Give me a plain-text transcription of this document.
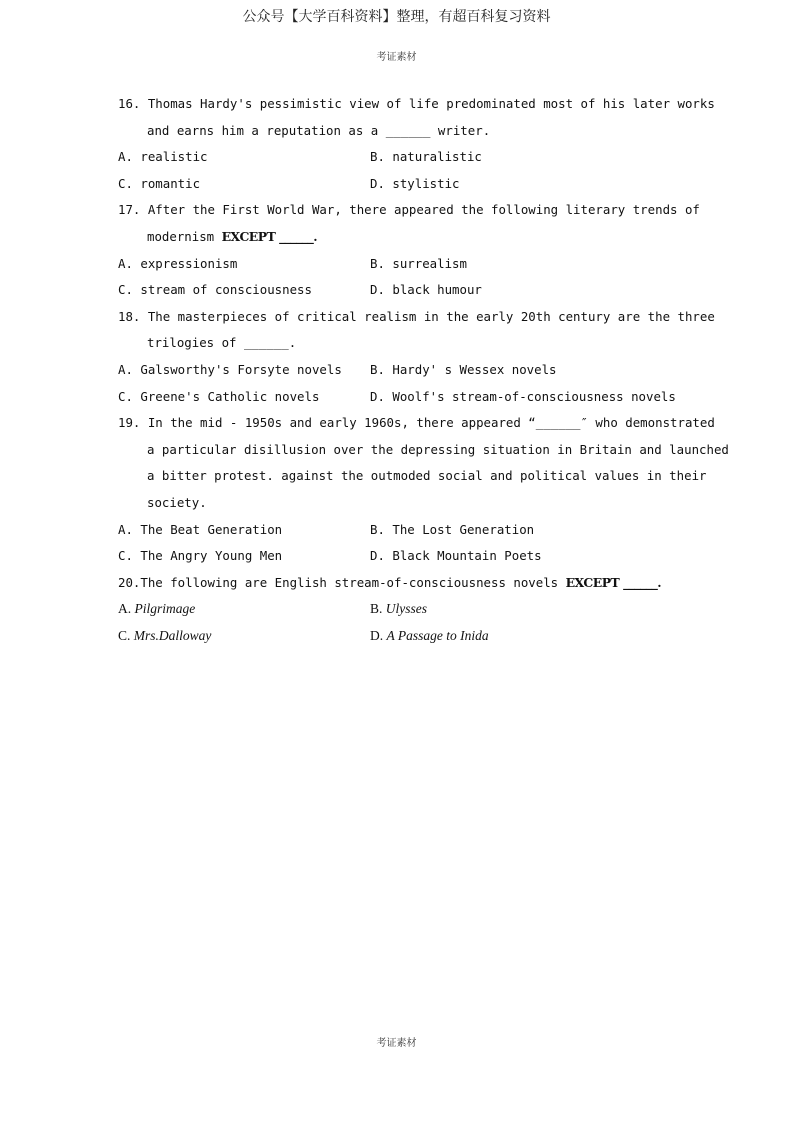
公众号【大学百科资料】整理，有超百科复习资料
考证素材
16. Thomas Hardy's pessimistic view of life predominated most of his later works
and earns him a reputation as a ______ writer.
A. realistic	B. naturalistic
C. romantic	D. stylistic
17. After the First World War, there appeared the following literary trends of
modernism EXCEPT ______.
A. expressionism	B. surrealism
C. stream of consciousness	D. black humour
18. The masterpieces of critical realism in the early 20th century are the three
trilogies of ______.
A. Galsworthy's Forsyte novels	B. Hardy' s Wessex novels
C. Greene's Catholic novels	D. Woolf's stream-of-consciousness novels
19. In the mid - 1950s and early 1960s, there appeared “______″ who demonstrated
a particular disillusion over the depressing situation in Britain and launched
a bitter protest. against the outmoded social and political values in their
society.
A. The Beat Generation	B. The Lost Generation
C. The Angry Young Men	D. Black Mountain Poets
20.The following are English stream-of-consciousness novels EXCEPT ______.
A. Pilgrimage	B. Ulysses
C. Mrs.Dalloway	D. A Passage to Inida
考证素材
